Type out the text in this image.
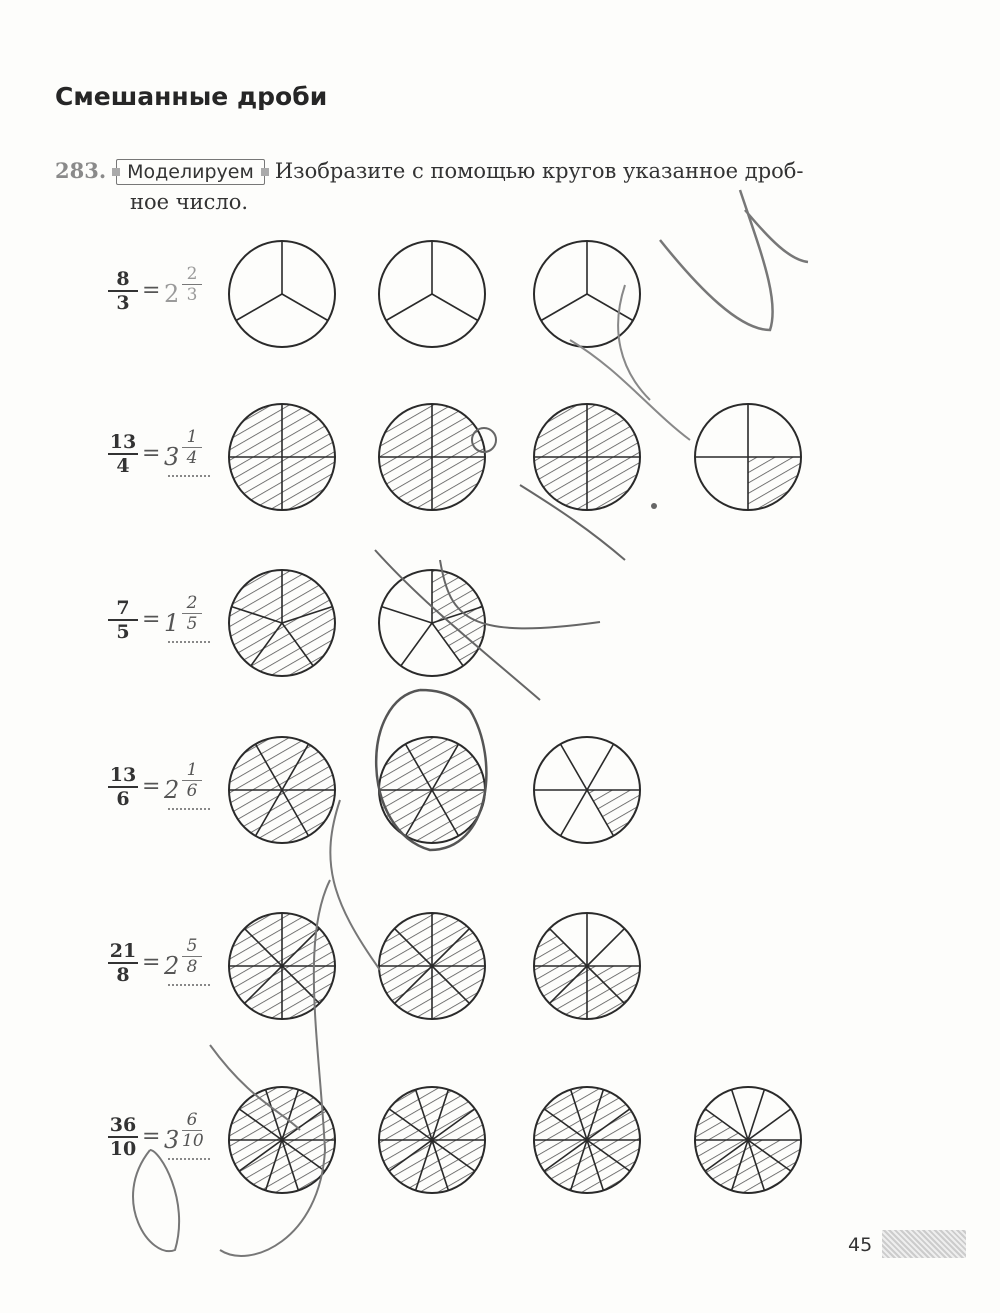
Смешанные дроби
283. Моделируем Изобразите с помощью кругов указанное дроб-
ное число.
$\frac{8}{3} = 2 \frac{2}{3}$
$\frac{13}{4} = 3 \frac{1}{4}$
$\frac{7}{5} = 1 \frac{2}{5}$
$\frac{13}{6} = 2 \frac{1}{6}$
$\frac{21}{8} = 2 \frac{5}{8}$
$\frac{36}{10} = 3 \frac{6}{10}$
45
